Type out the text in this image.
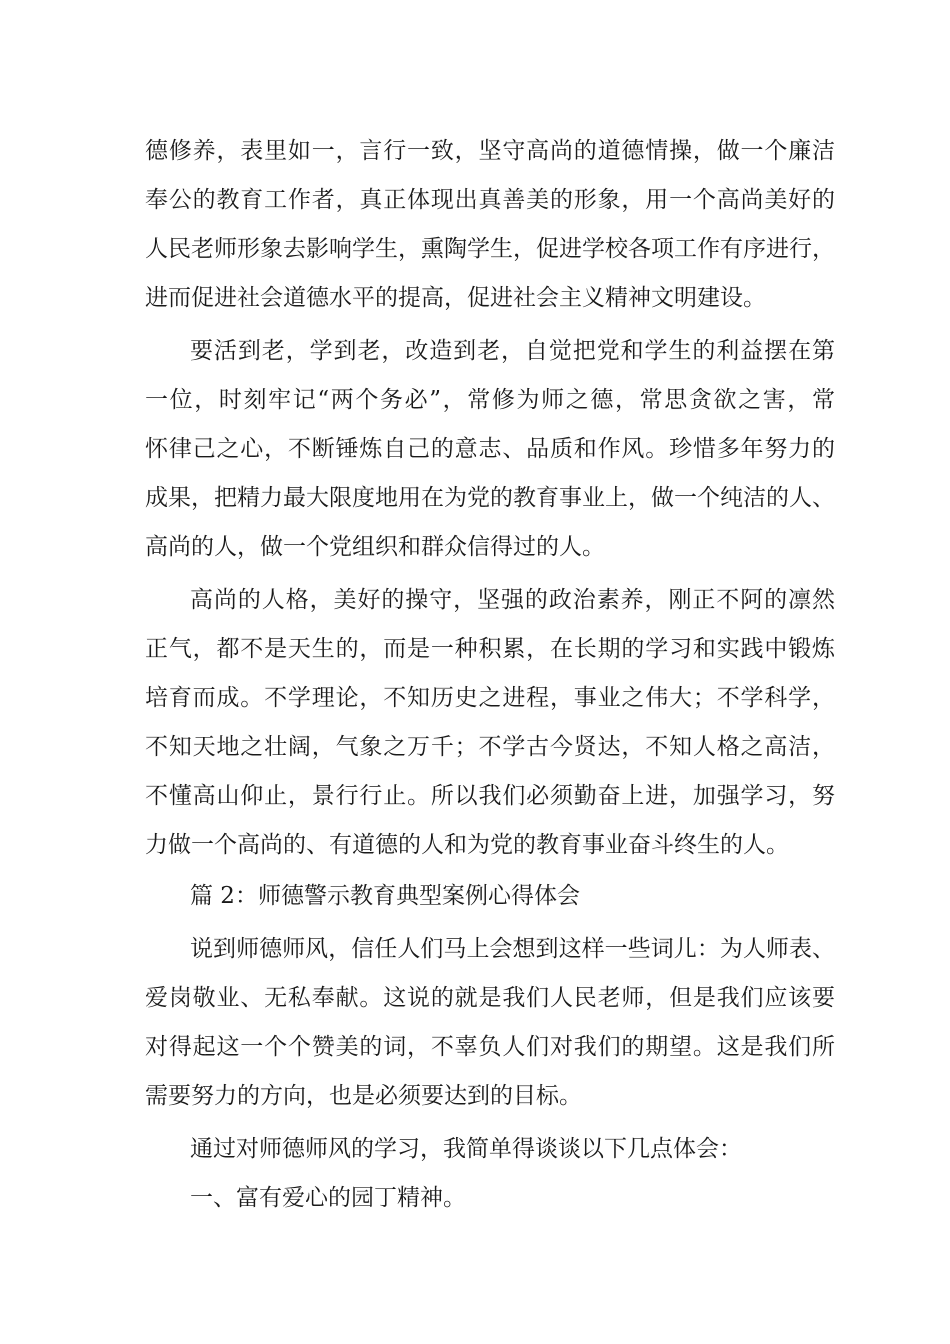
德修养，表里如一，言行一致，坚守高尚的道德情操，做一个廉洁
奉公的教育工作者，真正体现出真善美的形象，用一个高尚美好的
人民老师形象去影响学生，熏陶学生，促进学校各项工作有序进行，
进而促进社会道德水平的提高，促进社会主义精神文明建设。
要活到老，学到老，改造到老，自觉把党和学生的利益摆在第
一位，时刻牢记“两个务必”，常修为师之德，常思贪欲之害，常
怀律己之心，不断锤炼自己的意志、品质和作风。珍惜多年努力的
成果，把精力最大限度地用在为党的教育事业上，做一个纯洁的人、
高尚的人，做一个党组织和群众信得过的人。
高尚的人格，美好的操守，坚强的政治素养，刚正不阿的凛然
正气，都不是天生的，而是一种积累，在长期的学习和实践中锻炼
培育而成。不学理论，不知历史之进程，事业之伟大；不学科学，
不知天地之壮阔，气象之万千；不学古今贤达，不知人格之高洁，
不懂高山仰止，景行行止。所以我们必须勤奋上进，加强学习，努
力做一个高尚的、有道德的人和为党的教育事业奋斗终生的人。
篇 2：师德警示教育典型案例心得体会
说到师德师风，信任人们马上会想到这样一些词儿：为人师表、
爱岗敬业、无私奉献。这说的就是我们人民老师，但是我们应该要
对得起这一个个赞美的词，不辜负人们对我们的期望。这是我们所
需要努力的方向，也是必须要达到的目标。
通过对师德师风的学习，我简单得谈谈以下几点体会：
一、富有爱心的园丁精神。
